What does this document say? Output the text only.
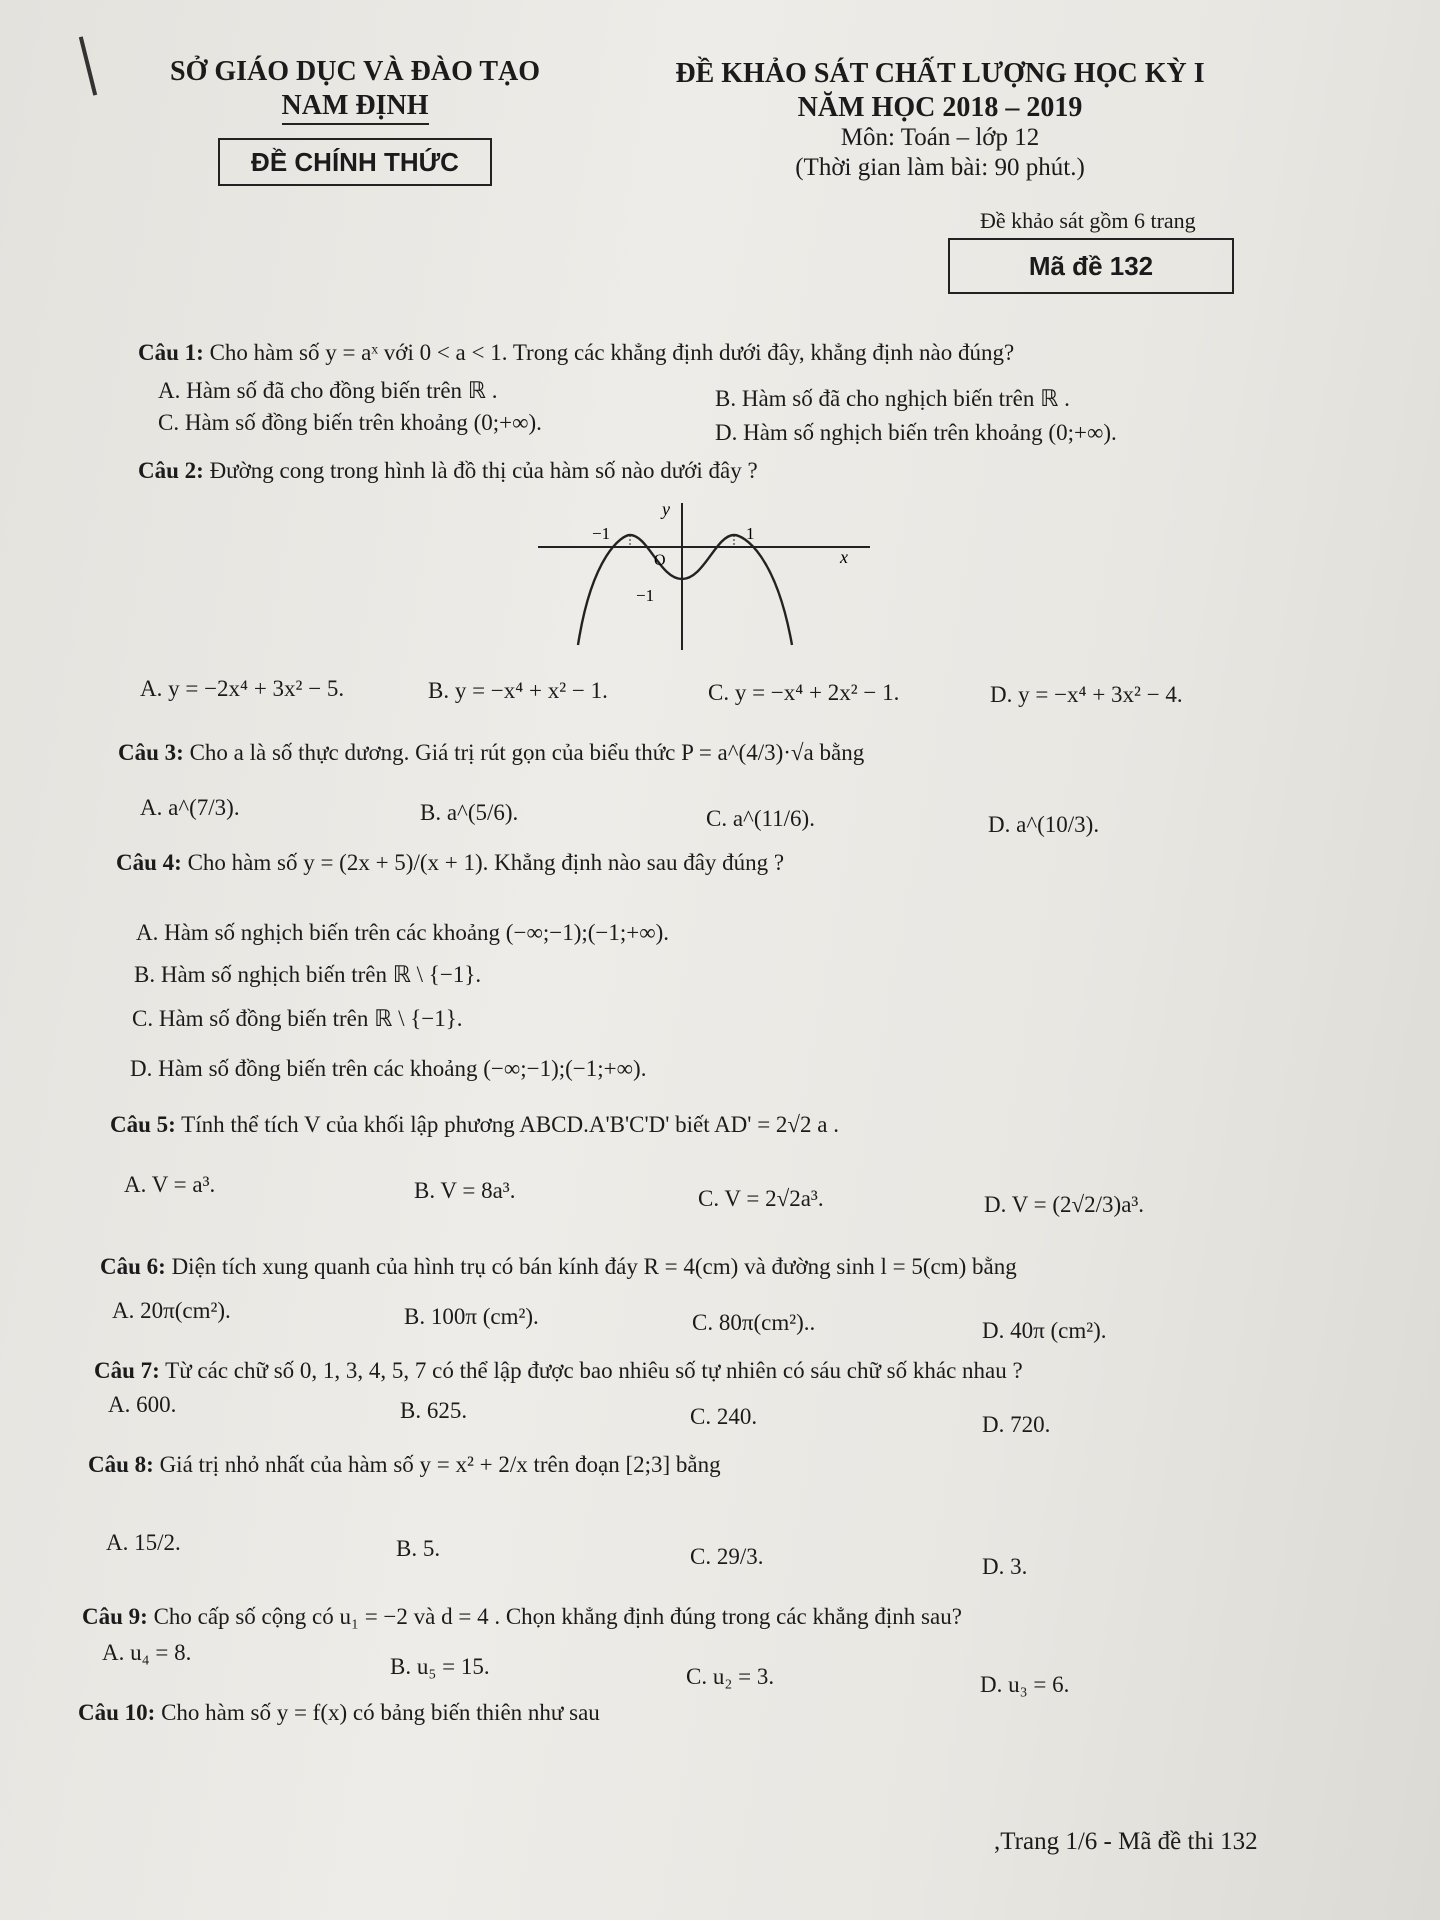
SỞ GIÁO DỤC VÀ ĐÀO TẠO
NAM ĐỊNH
ĐỀ CHÍNH THỨC
ĐỀ KHẢO SÁT CHẤT LƯỢNG HỌC KỲ I
NĂM HỌC 2018 – 2019
Môn: Toán – lớp 12
(Thời gian làm bài: 90 phút.)
Đề khảo sát gồm 6 trang
Mã đề 132
Câu 1: Cho hàm số y = aˣ với 0 < a < 1. Trong các khẳng định dưới đây, khẳng định nào đúng?
A. Hàm số đã cho đồng biến trên ℝ .	B. Hàm số đã cho nghịch biến trên ℝ .
C. Hàm số đồng biến trên khoảng (0;+∞).	D. Hàm số nghịch biến trên khoảng (0;+∞).
Câu 2: Đường cong trong hình là đồ thị của hàm số nào dưới đây ?
y
x
O
−1	1
−1
A. y = −2x⁴ + 3x² − 5.	B. y = −x⁴ + x² − 1.	C. y = −x⁴ + 2x² − 1.	D. y = −x⁴ + 3x² − 4.
Câu 3: Cho a là số thực dương. Giá trị rút gọn của biểu thức P = a^(4/3)·√a bằng
A. a^(7/3).	B. a^(5/6).	C. a^(11/6).	D. a^(10/3).
Câu 4: Cho hàm số y = (2x + 5)/(x + 1). Khẳng định nào sau đây đúng ?
A. Hàm số nghịch biến trên các khoảng (−∞;−1);(−1;+∞).
B. Hàm số nghịch biến trên ℝ \ {−1}.
C. Hàm số đồng biến trên ℝ \ {−1}.
D. Hàm số đồng biến trên các khoảng (−∞;−1);(−1;+∞).
Câu 5: Tính thể tích V của khối lập phương ABCD.A'B'C'D' biết AD' = 2√2 a .
A. V = a³.	B. V = 8a³.	C. V = 2√2a³.	D. V = (2√2/3)a³.
Câu 6: Diện tích xung quanh của hình trụ có bán kính đáy R = 4(cm) và đường sinh l = 5(cm) bằng
A. 20π(cm²).	B. 100π (cm²).	C. 80π(cm²)..	D. 40π (cm²).
Câu 7: Từ các chữ số 0, 1, 3, 4, 5, 7 có thể lập được bao nhiêu số tự nhiên có sáu chữ số khác nhau ?
A. 600.	B. 625.	C. 240.	D. 720.
Câu 8: Giá trị nhỏ nhất của hàm số y = x² + 2/x trên đoạn [2;3] bằng
A. 15/2.	B. 5.	C. 29/3.	D. 3.
Câu 9: Cho cấp số cộng có u₁ = −2 và d = 4 . Chọn khẳng định đúng trong các khẳng định sau?
A. u₄ = 8.
B. u₅ = 15.	C. u₂ = 3.	D. u₃ = 6.
Câu 10: Cho hàm số y = f(x) có bảng biến thiên như sau
,Trang 1/6 - Mã đề thi 132
